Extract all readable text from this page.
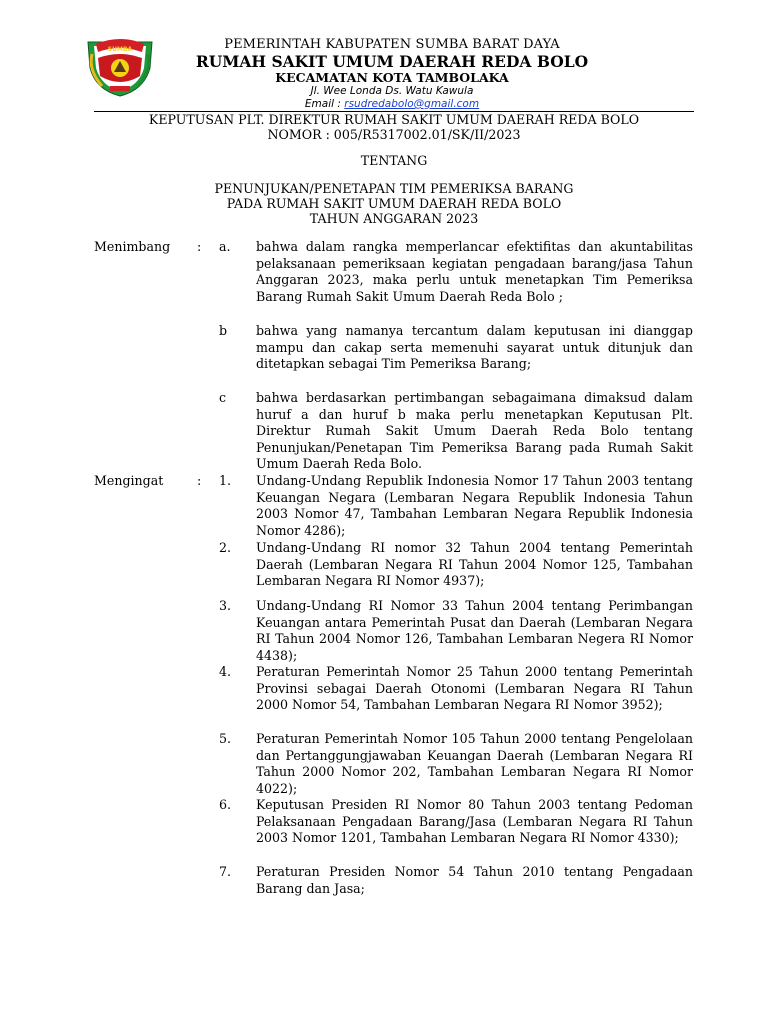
SUMBA	PEMERINTAH KABUPATEN SUMBA BARAT DAYA
RUMAH SAKIT UMUM DAERAH REDA BOLO
KECAMATAN KOTA TAMBOLAKA
Jl. Wee Londa Ds. Watu Kawula
Email : rsudredabolo@gmail.com
KEPUTUSAN PLT. DIREKTUR RUMAH SAKIT UMUM DAERAH REDA BOLO
NOMOR : 005/R5317002.01/SK/II/2023
TENTANG
PENUNJUKAN/PENETAPAN TIM PEMERIKSA BARANG
PADA RUMAH SAKIT UMUM DAERAH REDA BOLO
TAHUN ANGGARAN 2023
Menimbang : a. bahwa dalam rangka memperlancar efektifitas dan akuntabilitas pelaksanaan pemeriksaan kegiatan pengadaan barang/jasa Tahun Anggaran 2023, maka perlu untuk menetapkan Tim Pemeriksa Barang Rumah Sakit Umum Daerah Reda Bolo ;
b bahwa yang namanya tercantum dalam keputusan ini dianggap mampu dan cakap serta memenuhi sayarat untuk ditunjuk dan ditetapkan sebagai Tim Pemeriksa Barang;
c bahwa berdasarkan pertimbangan sebagaimana dimaksud dalam huruf a dan huruf b maka perlu menetapkan Keputusan Plt. Direktur Rumah Sakit Umum Daerah Reda Bolo tentang Penunjukan/Penetapan Tim Pemeriksa Barang pada Rumah Sakit Umum Daerah Reda Bolo.
Mengingat	: 1. Undang-Undang Republik Indonesia Nomor 17 Tahun 2003 tentang Keuangan Negara (Lembaran Negara Republik Indonesia Tahun 2003 Nomor 47, Tambahan Lembaran Negara Republik Indonesia Nomor 4286);
2. Undang-Undang RI nomor 32 Tahun 2004 tentang Pemerintah Daerah (Lembaran Negara RI Tahun 2004 Nomor 125, Tambahan Lembaran Negara RI Nomor 4937);
3. Undang-Undang RI Nomor 33 Tahun 2004 tentang Perimbangan Keuangan antara Pemerintah Pusat dan Daerah (Lembaran Negara RI Tahun 2004 Nomor 126, Tambahan Lembaran Negera RI Nomor 4438);
4. Peraturan Pemerintah Nomor 25 Tahun 2000 tentang Pemerintah Provinsi sebagai Daerah Otonomi (Lembaran Negara RI Tahun 2000 Nomor 54, Tambahan Lembaran Negara RI Nomor 3952);
5. Peraturan Pemerintah Nomor 105 Tahun 2000 tentang Pengelolaan dan Pertanggungjawaban Keuangan Daerah (Lembaran Negara RI Tahun 2000 Nomor 202, Tambahan Lembaran Negara RI Nomor 4022);
6. Keputusan Presiden RI Nomor 80 Tahun 2003 tentang Pedoman Pelaksanaan Pengadaan Barang/Jasa (Lembaran Negara RI Tahun 2003 Nomor 1201, Tambahan Lembaran Negara RI Nomor 4330);
7. Peraturan Presiden Nomor 54 Tahun 2010 tentang Pengadaan Barang dan Jasa;
